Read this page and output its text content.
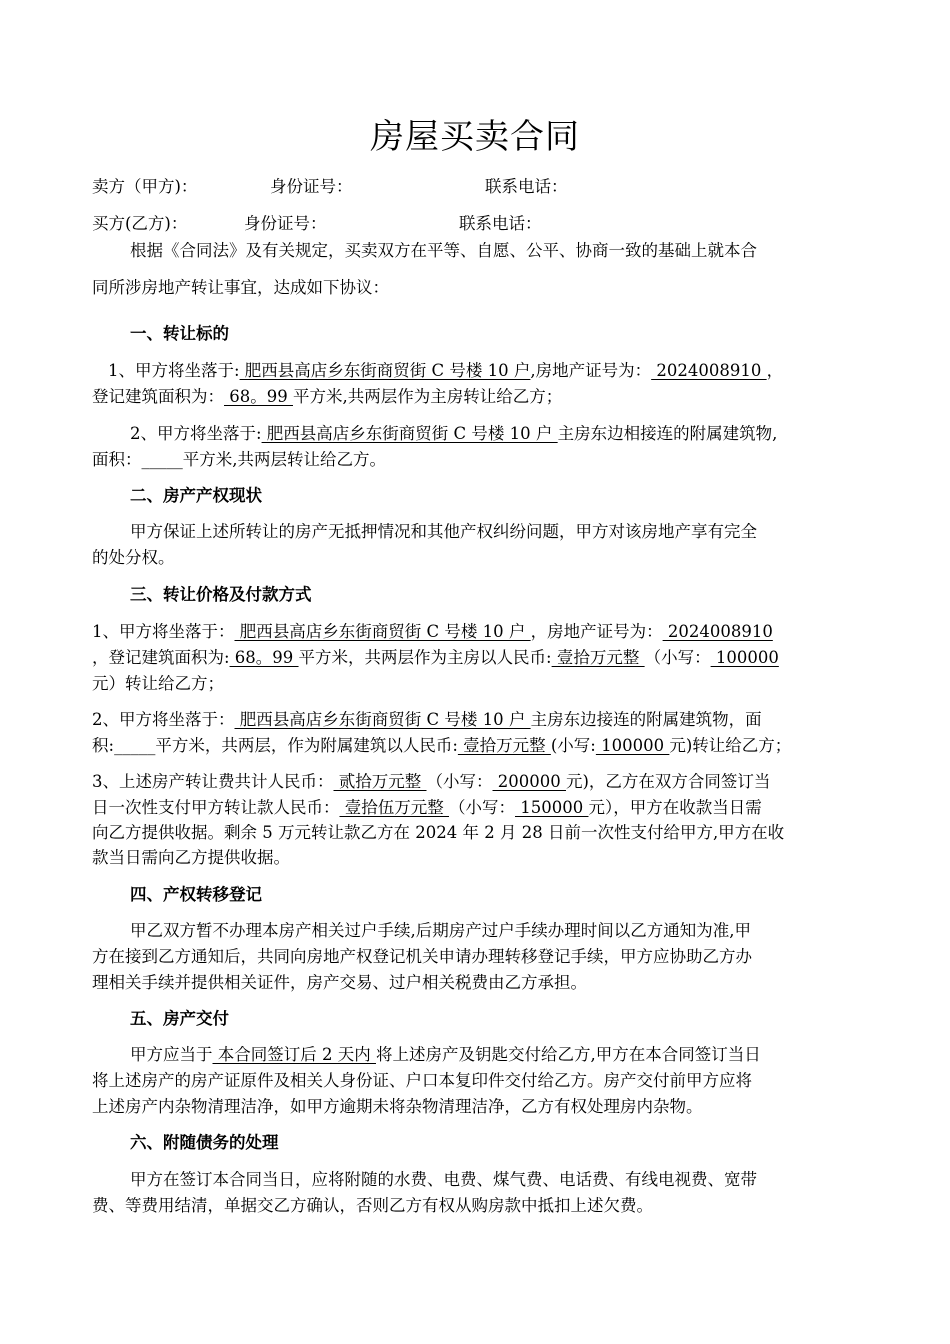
房屋买卖合同
卖方（甲方)：	身份证号：	联系电话：
买方(乙方)：	身份证号：	联系电话：
根据《合同法》及有关规定，买卖双方在平等、自愿、公平、协商一致的基础上就本合
同所涉房地产转让事宜，达成如下协议：
一、转让标的
1、甲方将坐落于: 肥西县高店乡东街商贸街 C 号楼 10 户,房地产证号为： 2024008910 ，
登记建筑面积为： 68。99 平方米,共两层作为主房转让给乙方；
2、甲方将坐落于: 肥西县高店乡东街商贸街 C 号楼 10 户 主房东边相接连的附属建筑物,
面积：_____平方米,共两层转让给乙方。
二、房产产权现状
甲方保证上述所转让的房产无抵押情况和其他产权纠纷问题，甲方对该房地产享有完全
的处分权。
三、转让价格及付款方式
1、甲方将坐落于： 肥西县高店乡东街商贸街 C 号楼 10 户 ，房地产证号为： 2024008910
，登记建筑面积为: 68。99 平方米，共两层作为主房以人民币: 壹拾万元整 （小写： 100000
元）转让给乙方；
2、甲方将坐落于： 肥西县高店乡东街商贸街 C 号楼 10 户 主房东边接连的附属建筑物，面
积:_____平方米，共两层，作为附属建筑以人民币: 壹拾万元整 (小写: 100000 元)转让给乙方；
3、上述房产转让费共计人民币： 贰拾万元整 （小写： 200000 元)，乙方在双方合同签订当
日一次性支付甲方转让款人民币： 壹拾伍万元整 （小写： 150000 元），甲方在收款当日需
向乙方提供收据。剩余 5 万元转让款乙方在 2024 年 2 月 28 日前一次性支付给甲方,甲方在收
款当日需向乙方提供收据。
四、产权转移登记
甲乙双方暂不办理本房产相关过户手续,后期房产过户手续办理时间以乙方通知为准,甲
方在接到乙方通知后，共同向房地产权登记机关申请办理转移登记手续，甲方应协助乙方办
理相关手续并提供相关证件，房产交易、过户相关税费由乙方承担。
五、房产交付
甲方应当于 本合同签订后 2 天内 将上述房产及钥匙交付给乙方,甲方在本合同签订当日
将上述房产的房产证原件及相关人身份证、户口本复印件交付给乙方。房产交付前甲方应将
上述房产内杂物清理洁净，如甲方逾期未将杂物清理洁净，乙方有权处理房内杂物。
六、附随债务的处理
甲方在签订本合同当日，应将附随的水费、电费、煤气费、电话费、有线电视费、宽带
费、等费用结清，单据交乙方确认，否则乙方有权从购房款中抵扣上述欠费。
